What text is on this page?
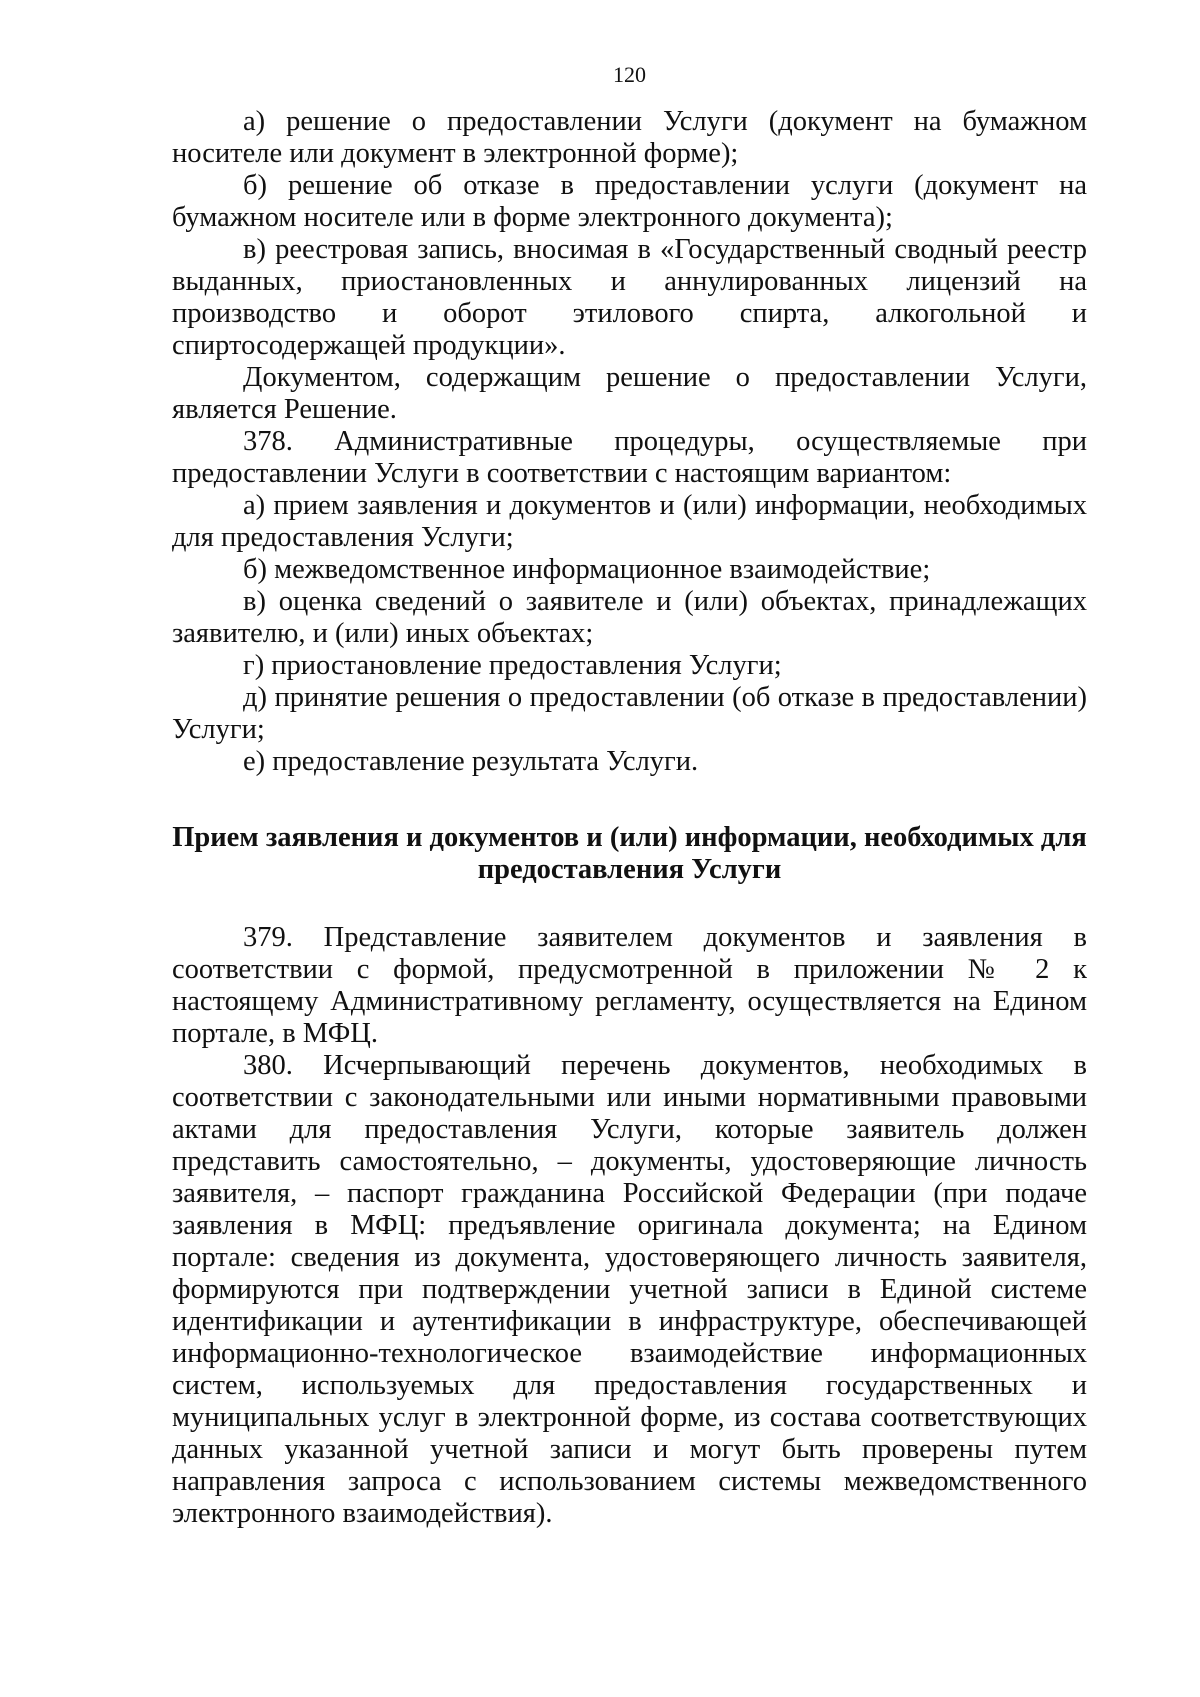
120

а) решение о предоставлении Услуги (документ на бумажном носителе или документ в электронной форме);

б) решение об отказе в предоставлении услуги (документ на бумажном носителе или в форме электронного документа);

в) реестровая запись, вносимая в «Государственный сводный реестр выданных, приостановленных и аннулированных лицензий на производство и оборот этилового спирта, алкогольной и спиртосодержащей продукции».

Документом, содержащим решение о предоставлении Услуги, является Решение.

378. Административные процедуры, осуществляемые при предоставлении Услуги в соответствии с настоящим вариантом:

а) прием заявления и документов и (или) информации, необходимых для предоставления Услуги;

б) межведомственное информационное взаимодействие;

в) оценка сведений о заявителе и (или) объектах, принадлежащих заявителю, и (или) иных объектах;

г) приостановление предоставления Услуги;

д) принятие решения о предоставлении (об отказе в предоставлении) Услуги;

е) предоставление результата Услуги.

Прием заявления и документов и (или) информации, необходимых для предоставления Услуги

379. Представление заявителем документов и заявления в соответствии с формой, предусмотренной в приложении № 2 к настоящему Административному регламенту, осуществляется на Едином портале, в МФЦ.

380. Исчерпывающий перечень документов, необходимых в соответствии с законодательными или иными нормативными правовыми актами для предоставления Услуги, которые заявитель должен представить самостоятельно, – документы, удостоверяющие личность заявителя, – паспорт гражданина Российской Федерации (при подаче заявления в МФЦ: предъявление оригинала документа; на Едином портале: сведения из документа, удостоверяющего личность заявителя, формируются при подтверждении учетной записи в Единой системе идентификации и аутентификации в инфраструктуре, обеспечивающей информационно-технологическое взаимодействие информационных систем, используемых для предоставления государственных и муниципальных услуг в электронной форме, из состава соответствующих данных указанной учетной записи и могут быть проверены путем направления запроса с использованием системы межведомственного электронного взаимодействия).
